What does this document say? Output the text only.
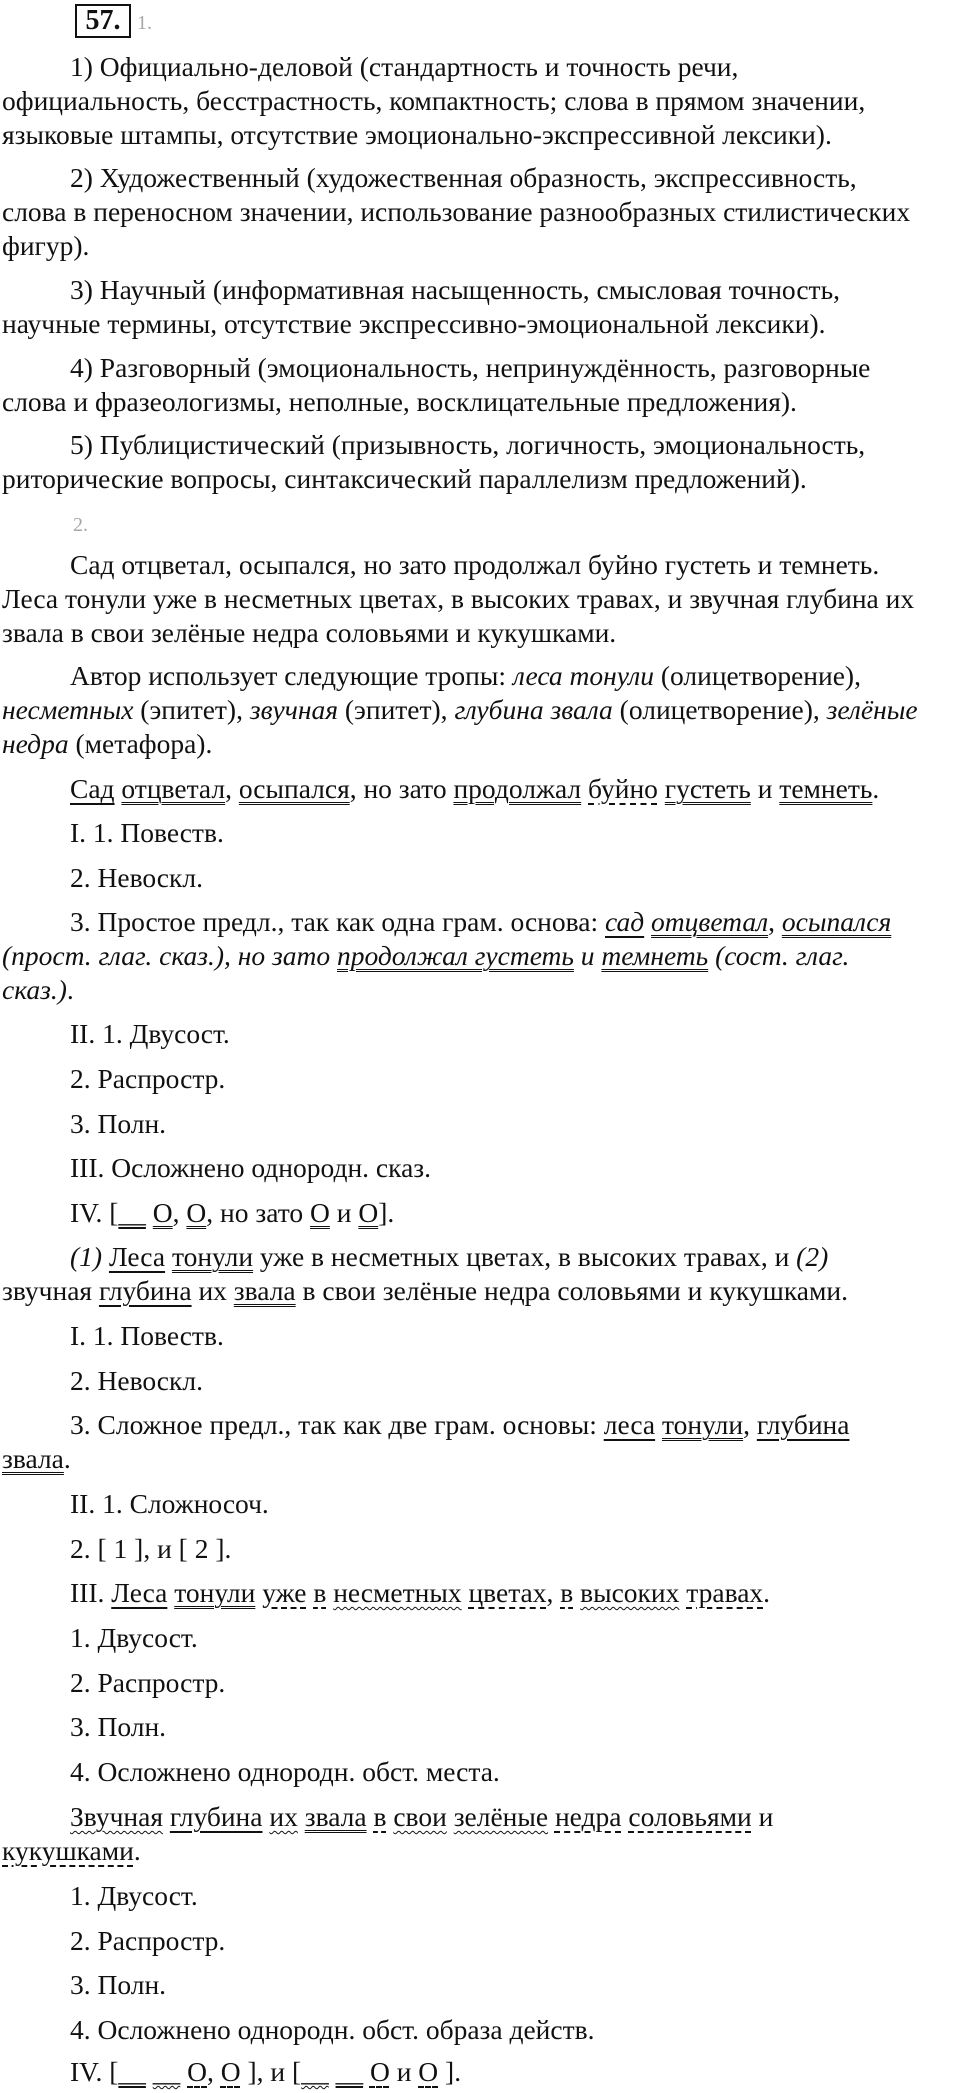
57. 1.
1) Официально-деловой (стандартность и точность речи,
официальность, бесстрастность, компактность; слова в прямом значении,
языковые штампы, отсутствие эмоционально-экспрессивной лексики).
2) Художественный (художественная образность, экспрессивность,
слова в переносном значении, использование разнообразных стилистических
фигур).
3) Научный (информативная насыщенность, смысловая точность,
научные термины, отсутствие экспрессивно-эмоциональной лексики).
4) Разговорный (эмоциональность, непринуждённость, разговорные
слова и фразеологизмы, неполные, восклицательные предложения).
5) Публицистический (призывность, логичность, эмоциональность,
риторические вопросы, синтаксический параллелизм предложений).
2.
Сад отцветал, осыпался, но зато продолжал буйно густеть и темнеть.
Леса тонули уже в несметных цветах, в высоких травах, и звучная глубина их
звала в свои зелёные недра соловьями и кукушками.
Автор использует следующие тропы: леса тонули (олицетворение),
несметных (эпитет), звучная (эпитет), глубина звала (олицетворение), зелёные
недра (метафора).
Сад отцветал, осыпался, но зато продолжал буйно густеть и темнеть.
I. 1. Повеств.
2. Невоскл.
3. Простое предл., так как одна грам. основа: сад отцветал, осыпался
(прост. глаг. сказ.), но зато продолжал густеть и темнеть (сост. глаг.
сказ.).
II. 1. Двусост.
2. Распростр.
3. Полн.
III. Осложнено однородн. сказ.
IV. [__ О, О, но зато О и О].
(1) Леса тонули уже в несметных цветах, в высоких травах, и (2)
звучная глубина их звала в свои зелёные недра соловьями и кукушками.
I. 1. Повеств.
2. Невоскл.
3. Сложное предл., так как две грам. основы: леса тонули, глубина
звала.
II. 1. Сложносоч.
2. [ 1 ], и [ 2 ].
III. Леса тонули уже в несметных цветах, в высоких травах.
1. Двусост.
2. Распростр.
3. Полн.
4. Осложнено однородн. обст. места.
Звучная глубина их звала в свои зелёные недра соловьями и
кукушками.
1. Двусост.
2. Распростр.
3. Полн.
4. Осложнено однородн. обст. образа действ.
IV. [__ __ О, О ], и [__ __ О и О ].
